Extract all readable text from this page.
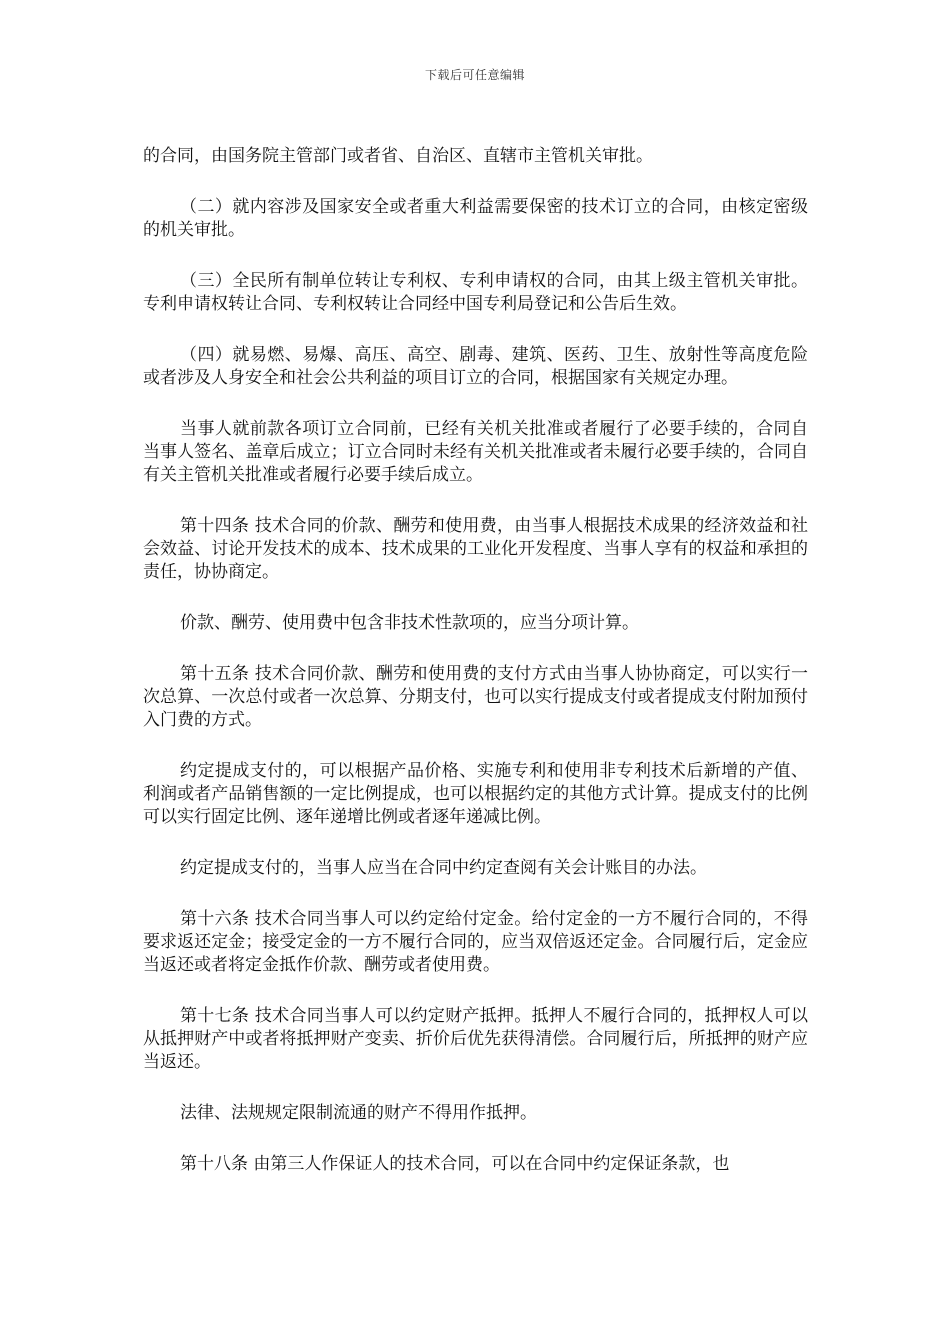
下载后可任意编辑

的合同，由国务院主管部门或者省、自治区、直辖市主管机关审批。

（二）就内容涉及国家安全或者重大利益需要保密的技术订立的合同，由核定密级的机关审批。

（三）全民所有制单位转让专利权、专利申请权的合同，由其上级主管机关审批。专利申请权转让合同、专利权转让合同经中国专利局登记和公告后生效。

（四）就易燃、易爆、高压、高空、剧毒、建筑、医药、卫生、放射性等高度危险或者涉及人身安全和社会公共利益的项目订立的合同，根据国家有关规定办理。

当事人就前款各项订立合同前，已经有关机关批准或者履行了必要手续的，合同自当事人签名、盖章后成立；订立合同时未经有关机关批准或者未履行必要手续的，合同自有关主管机关批准或者履行必要手续后成立。

第十四条 技术合同的价款、酬劳和使用费，由当事人根据技术成果的经济效益和社会效益、讨论开发技术的成本、技术成果的工业化开发程度、当事人享有的权益和承担的责任，协协商定。

价款、酬劳、使用费中包含非技术性款项的，应当分项计算。

第十五条 技术合同价款、酬劳和使用费的支付方式由当事人协协商定，可以实行一次总算、一次总付或者一次总算、分期支付，也可以实行提成支付或者提成支付附加预付入门费的方式。

约定提成支付的，可以根据产品价格、实施专利和使用非专利技术后新增的产值、利润或者产品销售额的一定比例提成，也可以根据约定的其他方式计算。提成支付的比例可以实行固定比例、逐年递增比例或者逐年递减比例。

约定提成支付的，当事人应当在合同中约定查阅有关会计账目的办法。

第十六条 技术合同当事人可以约定给付定金。给付定金的一方不履行合同的，不得要求返还定金；接受定金的一方不履行合同的，应当双倍返还定金。合同履行后，定金应当返还或者将定金抵作价款、酬劳或者使用费。

第十七条 技术合同当事人可以约定财产抵押。抵押人不履行合同的，抵押权人可以从抵押财产中或者将抵押财产变卖、折价后优先获得清偿。合同履行后，所抵押的财产应当返还。

法律、法规规定限制流通的财产不得用作抵押。

第十八条 由第三人作保证人的技术合同，可以在合同中约定保证条款，也
